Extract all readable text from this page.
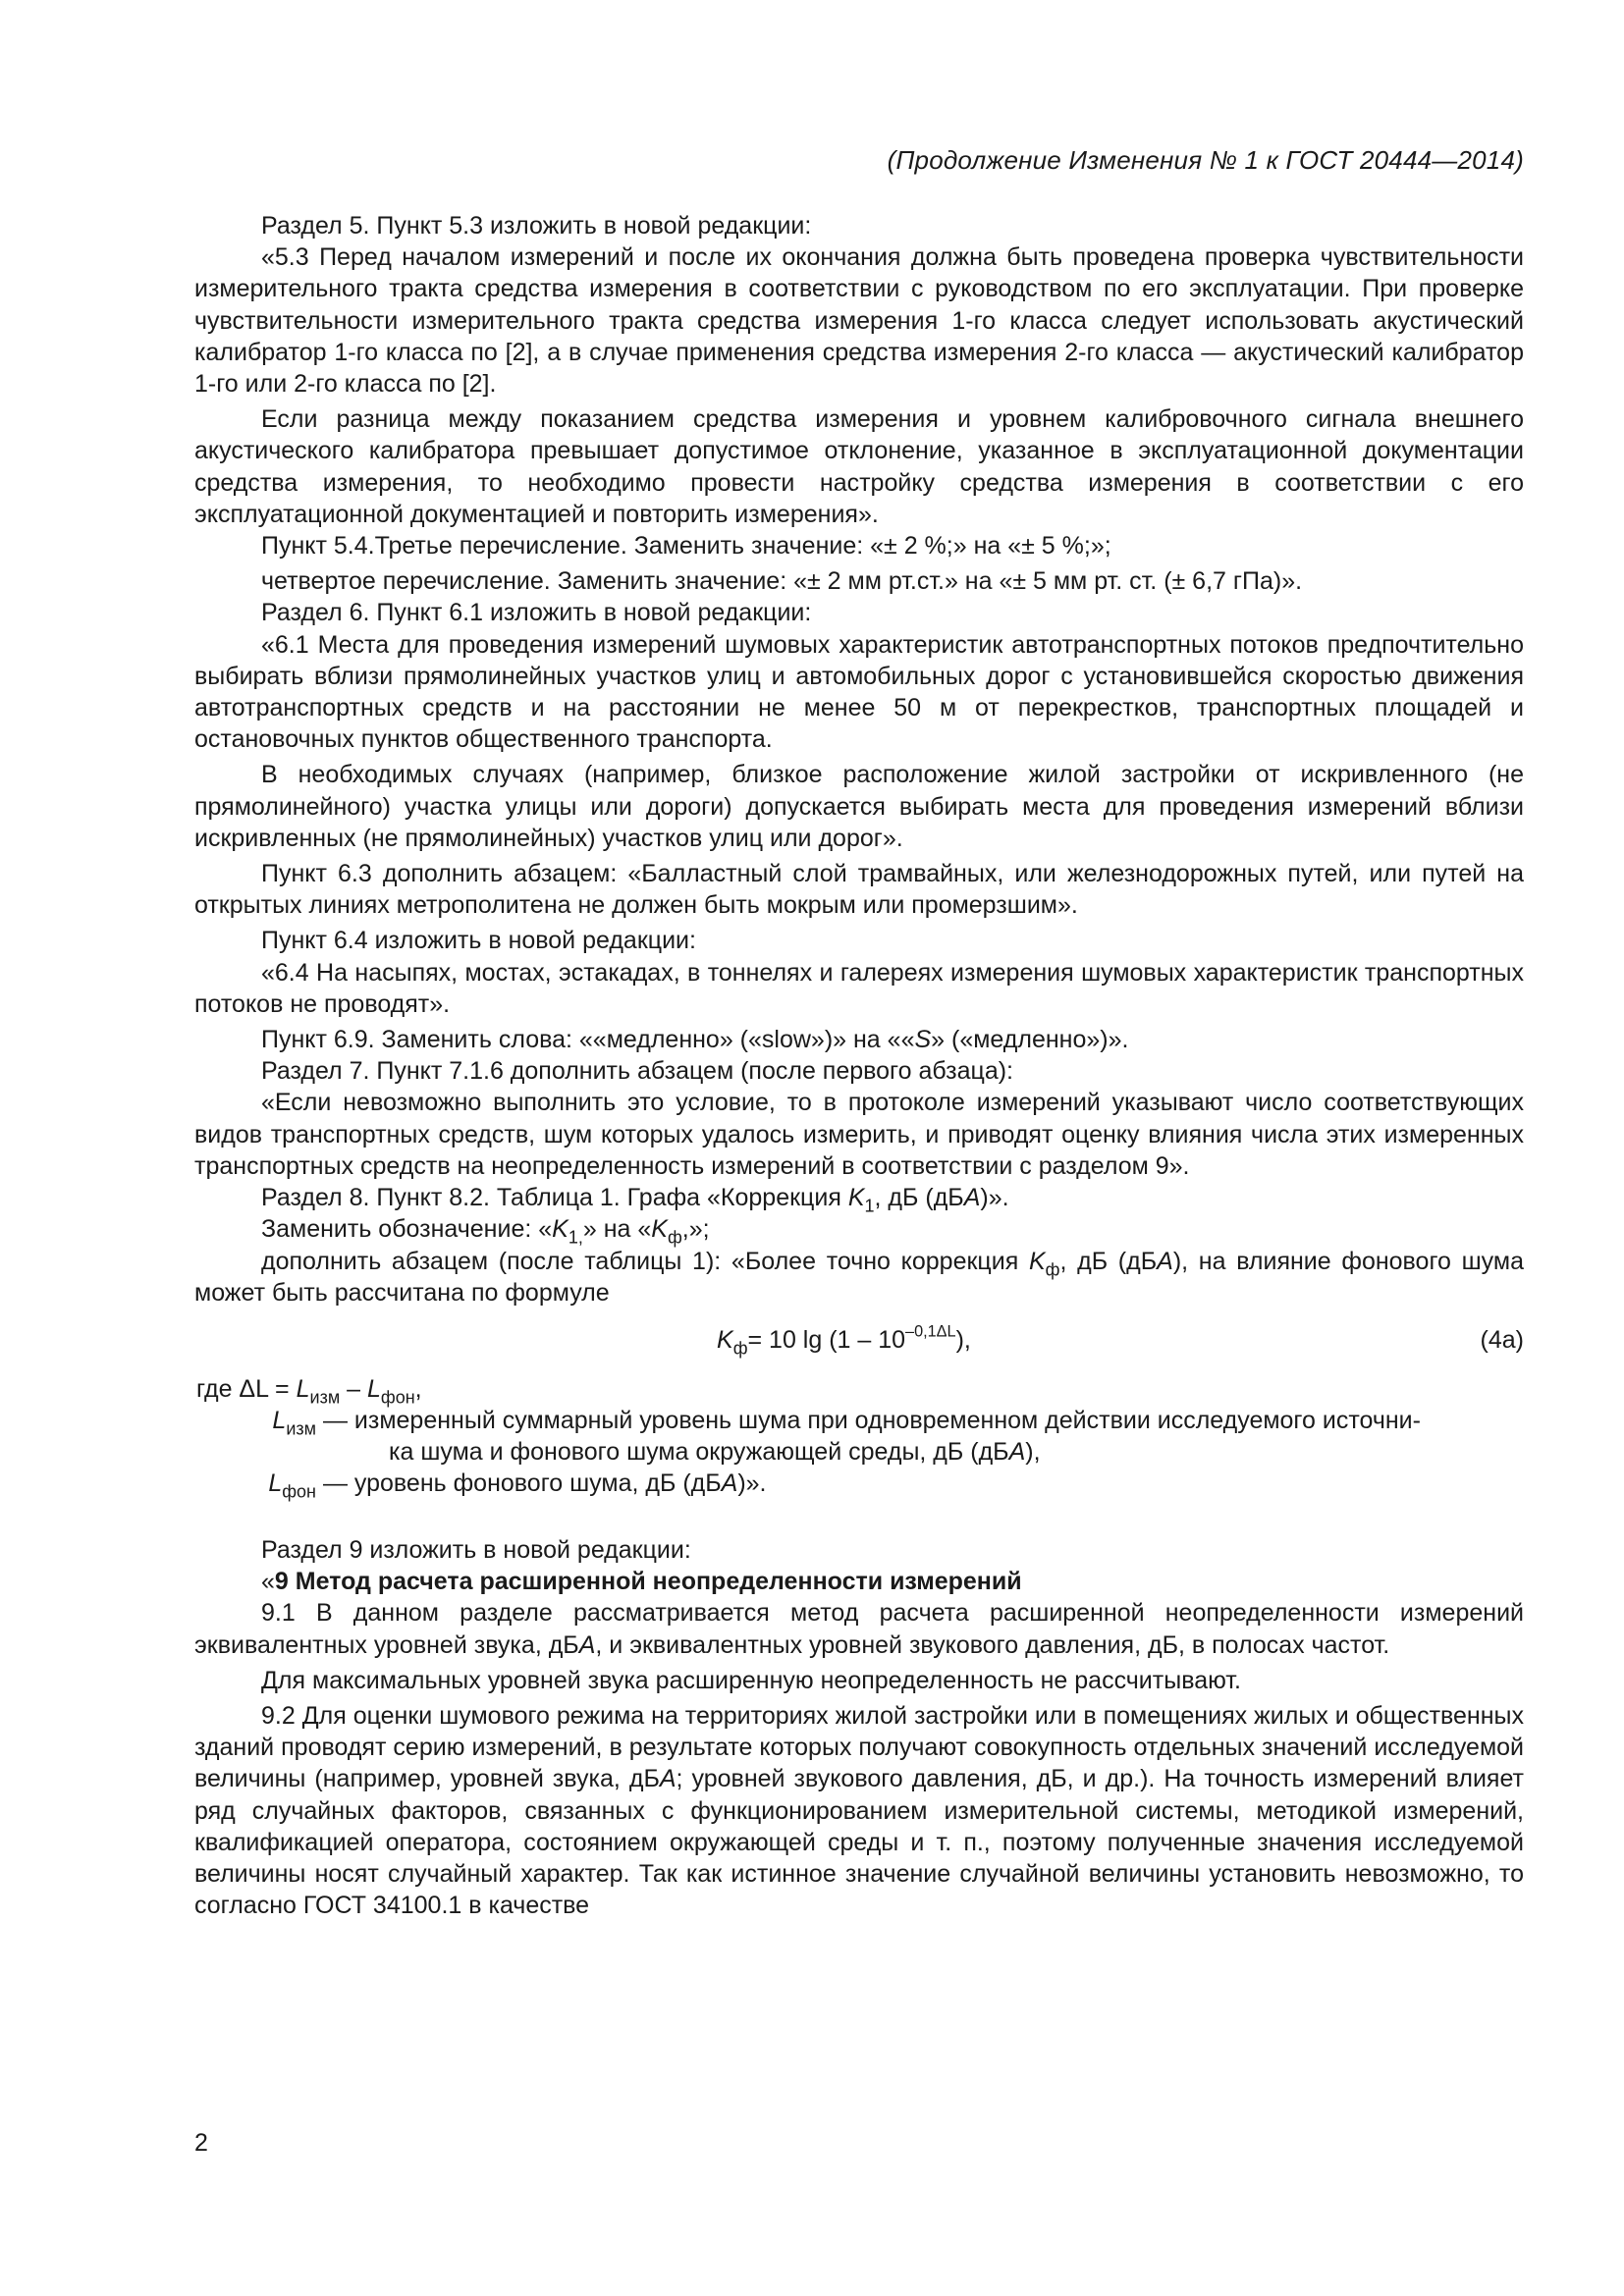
(Продолжение Изменения № 1 к ГОСТ 20444—2014)

Раздел 5. Пункт 5.3 изложить в новой редакции:

«5.3 Перед началом измерений и после их окончания должна быть проведена проверка чувствительности измерительного тракта средства измерения в соответствии с руководством по его эксплуатации. При проверке чувствительности измерительного тракта средства измерения 1-го класса следует использовать акустический калибратор 1-го класса по [2], а в случае применения средства измерения 2-го класса — акустический калибратор 1-го или 2-го класса по [2].

Если разница между показанием средства измерения и уровнем калибровочного сигнала внешнего акустического калибратора превышает допустимое отклонение, указанное в эксплуатационной документации средства измерения, то необходимо провести настройку средства измерения в соответствии с его эксплуатационной документацией и повторить измерения».

Пункт 5.4.Третье перечисление. Заменить значение: «± 2 %;» на «± 5 %;»;

четвертое перечисление. Заменить значение: «± 2 мм рт.ст.» на «± 5 мм рт. ст. (± 6,7 гПа)».

Раздел 6. Пункт 6.1 изложить в новой редакции:

«6.1 Места для проведения измерений шумовых характеристик автотранспортных потоков предпочтительно выбирать вблизи прямолинейных участков улиц и автомобильных дорог с установившейся скоростью движения автотранспортных средств и на расстоянии не менее 50 м от перекрестков, транспортных площадей и остановочных пунктов общественного транспорта.

В необходимых случаях (например, близкое расположение жилой застройки от искривленного (не прямолинейного) участка улицы или дороги) допускается выбирать места для проведения измерений вблизи искривленных (не прямолинейных) участков улиц или дорог».

Пункт 6.3 дополнить абзацем: «Балластный слой трамвайных, или железнодорожных путей, или путей на открытых линиях метрополитена не должен быть мокрым или промерзшим».

Пункт 6.4 изложить в новой редакции:

«6.4 На насыпях, мостах, эстакадах, в тоннелях и галереях измерения шумовых характеристик транспортных потоков не проводят».

Пункт 6.9. Заменить слова: ««медленно» («slow»)» на ««S» («медленно»)».

Раздел 7. Пункт 7.1.6 дополнить абзацем (после первого абзаца):

«Если невозможно выполнить это условие, то в протоколе измерений указывают число соответствующих видов транспортных средств, шум которых удалось измерить, и приводят оценку влияния числа этих измеренных транспортных средств на неопределенность измерений в соответствии с разделом 9».

Раздел 8. Пункт 8.2. Таблица 1. Графа «Коррекция $K_1$, дБ (дБA)».

Заменить обозначение: «$K_{1,}$» на «$K_ф$,»;

дополнить абзацем (после таблицы 1): «Более точно коррекция $K_ф$, дБ (дБA), на влияние фонового шума может быть рассчитана по формуле

$K_ф= 10$ $\lg (1 - 10^{-0,1\Delta L})$,	(4а)
где $\Delta L = L_{изм} - L_{фон}$,
$L_{изм}$ — измеренный суммарный уровень шума при одновременном действии исследуемого источни-
ка шума и фонового шума окружающей среды, дБ (дБA),
$L_{фон}$ — уровень фонового шума, дБ (дБA)».

Раздел 9 изложить в новой редакции:

«9 Метод расчета расширенной неопределенности измерений

9.1 В данном разделе рассматривается метод расчета расширенной неопределенности измерений эквивалентных уровней звука, дБA, и эквивалентных уровней звукового давления, дБ, в полосах частот.

Для максимальных уровней звука расширенную неопределенность не рассчитывают.

9.2 Для оценки шумового режима на территориях жилой застройки или в помещениях жилых и общественных зданий проводят серию измерений, в результате которых получают совокупность отдельных значений исследуемой величины (например, уровней звука, дБA; уровней звукового давления, дБ, и др.). На точность измерений влияет ряд случайных факторов, связанных с функционированием измерительной системы, методикой измерений, квалификацией оператора, состоянием окружающей среды и т. п., поэтому полученные значения исследуемой величины носят случайный характер. Так как истинное значение случайной величины установить невозможно, то согласно ГОСТ 34100.1 в качестве

2
